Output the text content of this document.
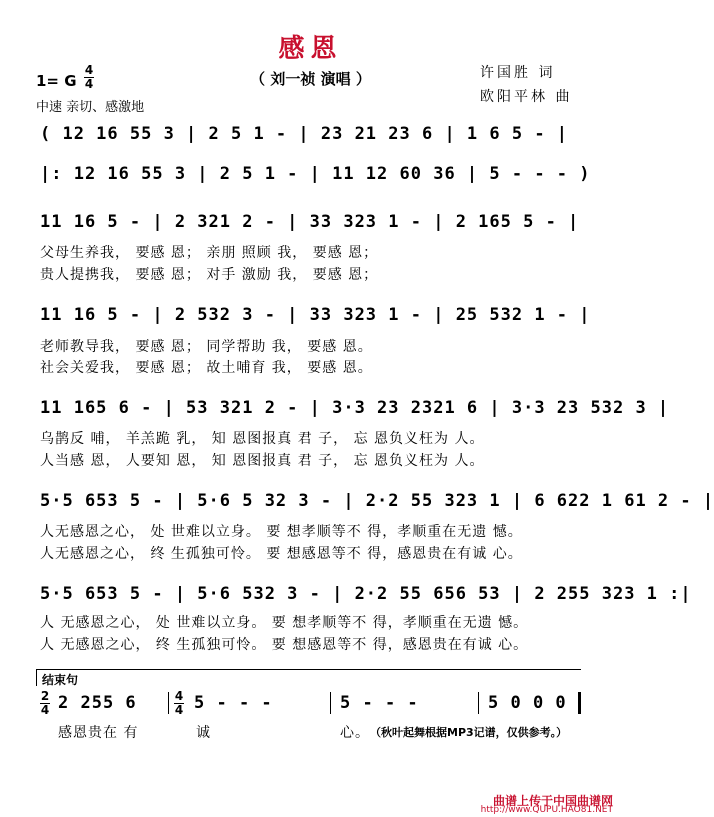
感恩
（ 刘一祯 演唱 ）
1= G
4
4
中速 亲切、感激地
许国胜 词
欧阳平林 曲
( 12 16 55 3 | 2 5 1 - | 23 21 23 6 | 1 6 5 - |
|: 12 16 55 3 | 2 5 1 - | 11 12 60 36 | 5 - - - )
11 16 5 - | 2 321 2 - | 33 323 1 - | 2 165 5 - |
父母生养我， 要感 恩； 亲朋 照顾 我， 要感 恩；
贵人提携我， 要感 恩； 对手 激励 我， 要感 恩；
11 16 5 - | 2 532 3 - | 33 323 1 - | 25 532 1 - |
老师教导我， 要感 恩； 同学帮助 我， 要感 恩。
社会关爱我， 要感 恩； 故土哺育 我， 要感 恩。
11 165 6 - | 53 321 2 - | 3·3 23 2321 6 | 3·3 23 532 3 |
乌鹊反 哺， 羊羔跪 乳， 知 恩图报真 君 子， 忘 恩负义枉为 人。
人当感 恩， 人要知 恩， 知 恩图报真 君 子， 忘 恩负义枉为 人。
5·5 653 5 - | 5·6 5 32 3 - | 2·2 55 323 1 | 6 622 1 61 2 - |
人无感恩之心， 处 世难以立身。 要 想孝顺等不 得，孝顺重在无遗 憾。
人无感恩之心， 终 生孤独可怜。 要 想感恩等不 得，感恩贵在有诚 心。
5·5 653 5 - | 5·6 532 3 - | 2·2 55 656 53 | 2 255 323 1 :|
人 无感恩之心， 处 世难以立身。 要 想孝顺等不 得，孝顺重在无遗 憾。
人 无感恩之心， 终 生孤独可怜。 要 想感恩等不 得，感恩贵在有诚 心。
结束句
2
4 2 255 6	4
4 5 - - -	5 - - -	5 0 0 0
感恩贵在 有	诚	心。 （秋叶起舞根据MP3记谱，仅供参考。）
曲谱上传于中国曲谱网
http://www.QUPU.HAO81.NET
